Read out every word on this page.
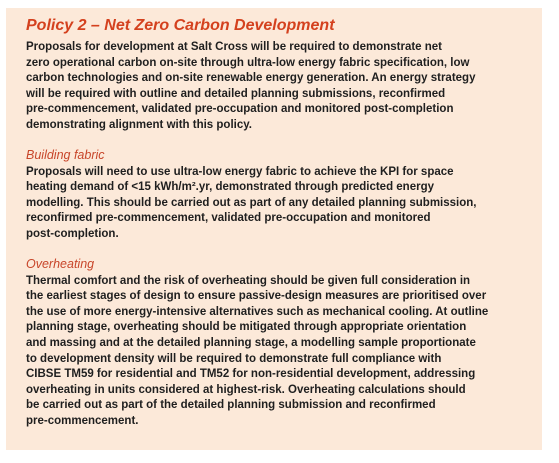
Policy 2 – Net Zero Carbon Development

Proposals for development at Salt Cross will be required to demonstrate net
zero operational carbon on-site through ultra-low energy fabric specification, low
carbon technologies and on-site renewable energy generation. An energy strategy
will be required with outline and detailed planning submissions, reconfirmed
pre-commencement, validated pre-occupation and monitored post-completion
demonstrating alignment with this policy.

Building fabric

Proposals will need to use ultra-low energy fabric to achieve the KPI for space
heating demand of <15 kWh/m².yr, demonstrated through predicted energy
modelling. This should be carried out as part of any detailed planning submission,
reconfirmed pre-commencement, validated pre-occupation and monitored
post-completion.

Overheating

Thermal comfort and the risk of overheating should be given full consideration in
the earliest stages of design to ensure passive-design measures are prioritised over
the use of more energy-intensive alternatives such as mechanical cooling. At outline
planning stage, overheating should be mitigated through appropriate orientation
and massing and at the detailed planning stage, a modelling sample proportionate
to development density will be required to demonstrate full compliance with
CIBSE TM59 for residential and TM52 for non-residential development, addressing
overheating in units considered at highest-risk. Overheating calculations should
be carried out as part of the detailed planning submission and reconfirmed
pre-commencement.
